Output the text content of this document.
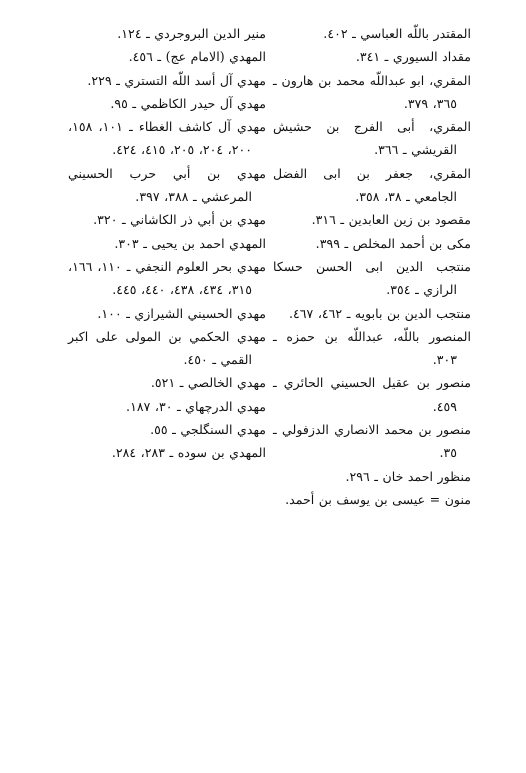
المقتدر باللّه العباسي ـ ٤٠٢.

مقداد السيوري ـ ٣٤١.

المقري، ابو عبداللّه محمد بن هارون ـ ٣٦٥، ٣٧٩.

المقري، أبى الفرج بن حشيش القريشي ـ ٣٦٦.

المقري، جعفر بن ابى الفضل الجامعي ـ ٣٨، ٣٥٨.

مقصود بن زين العابدين ـ ٣١٦.

مكى بن أحمد المخلص ـ ٣٩٩.

منتجب الدين ابى الحسن حسكا الرازي ـ ٣٥٤.

منتجب الدين بن بابويه ـ ٤٦٢، ٤٦٧.

المنصور باللّه، عبداللّه بن حمزه ـ ٣٠٣.

منصور بن عقيل الحسيني الحائري ـ ٤٥٩.

منصور بن محمد الانصاري الدزفولي ـ ٣٥.

منظور احمد خان ـ ٢٩٦.

منون = عيسى بن يوسف بن أحمد.

منير الدين البروجردي ـ ١٢٤.

المهدي (الامام عج) ـ ٤٥٦.

مهدي آل أسد اللّه التستري ـ ٢٢٩.

مهدي آل حيدر الكاظمي ـ ٩٥.

مهدي آل كاشف الغطاء ـ ١٠١، ١٥٨، ٢٠٠، ٢٠٤، ٢٠٥، ٤١٥، ٤٢٤.

مهدي بن أبي حرب الحسيني المرعشي ـ ٣٨٨، ٣٩٧.

مهدي بن أبي ذر الكاشاني ـ ٣٢٠.

المهدي احمد بن يحيى ـ ٣٠٣.

مهدي بحر العلوم النجفي ـ ١١٠، ١٦٦، ٣١٥، ٤٣٤، ٤٣٨، ٤٤٠، ٤٤٥.

مهدي الحسيني الشيرازي ـ ١٠٠.

مهدي الحكمي بن المولى على اكبر القمي ـ ٤٥٠.

مهدي الخالصي ـ ٥٢١.

مهدي الدرچهاي ـ ٣٠، ١٨٧.

مهدي السنگلجي ـ ٥٥.

المهدي بن سوده ـ ٢٨٣، ٢٨٤.
